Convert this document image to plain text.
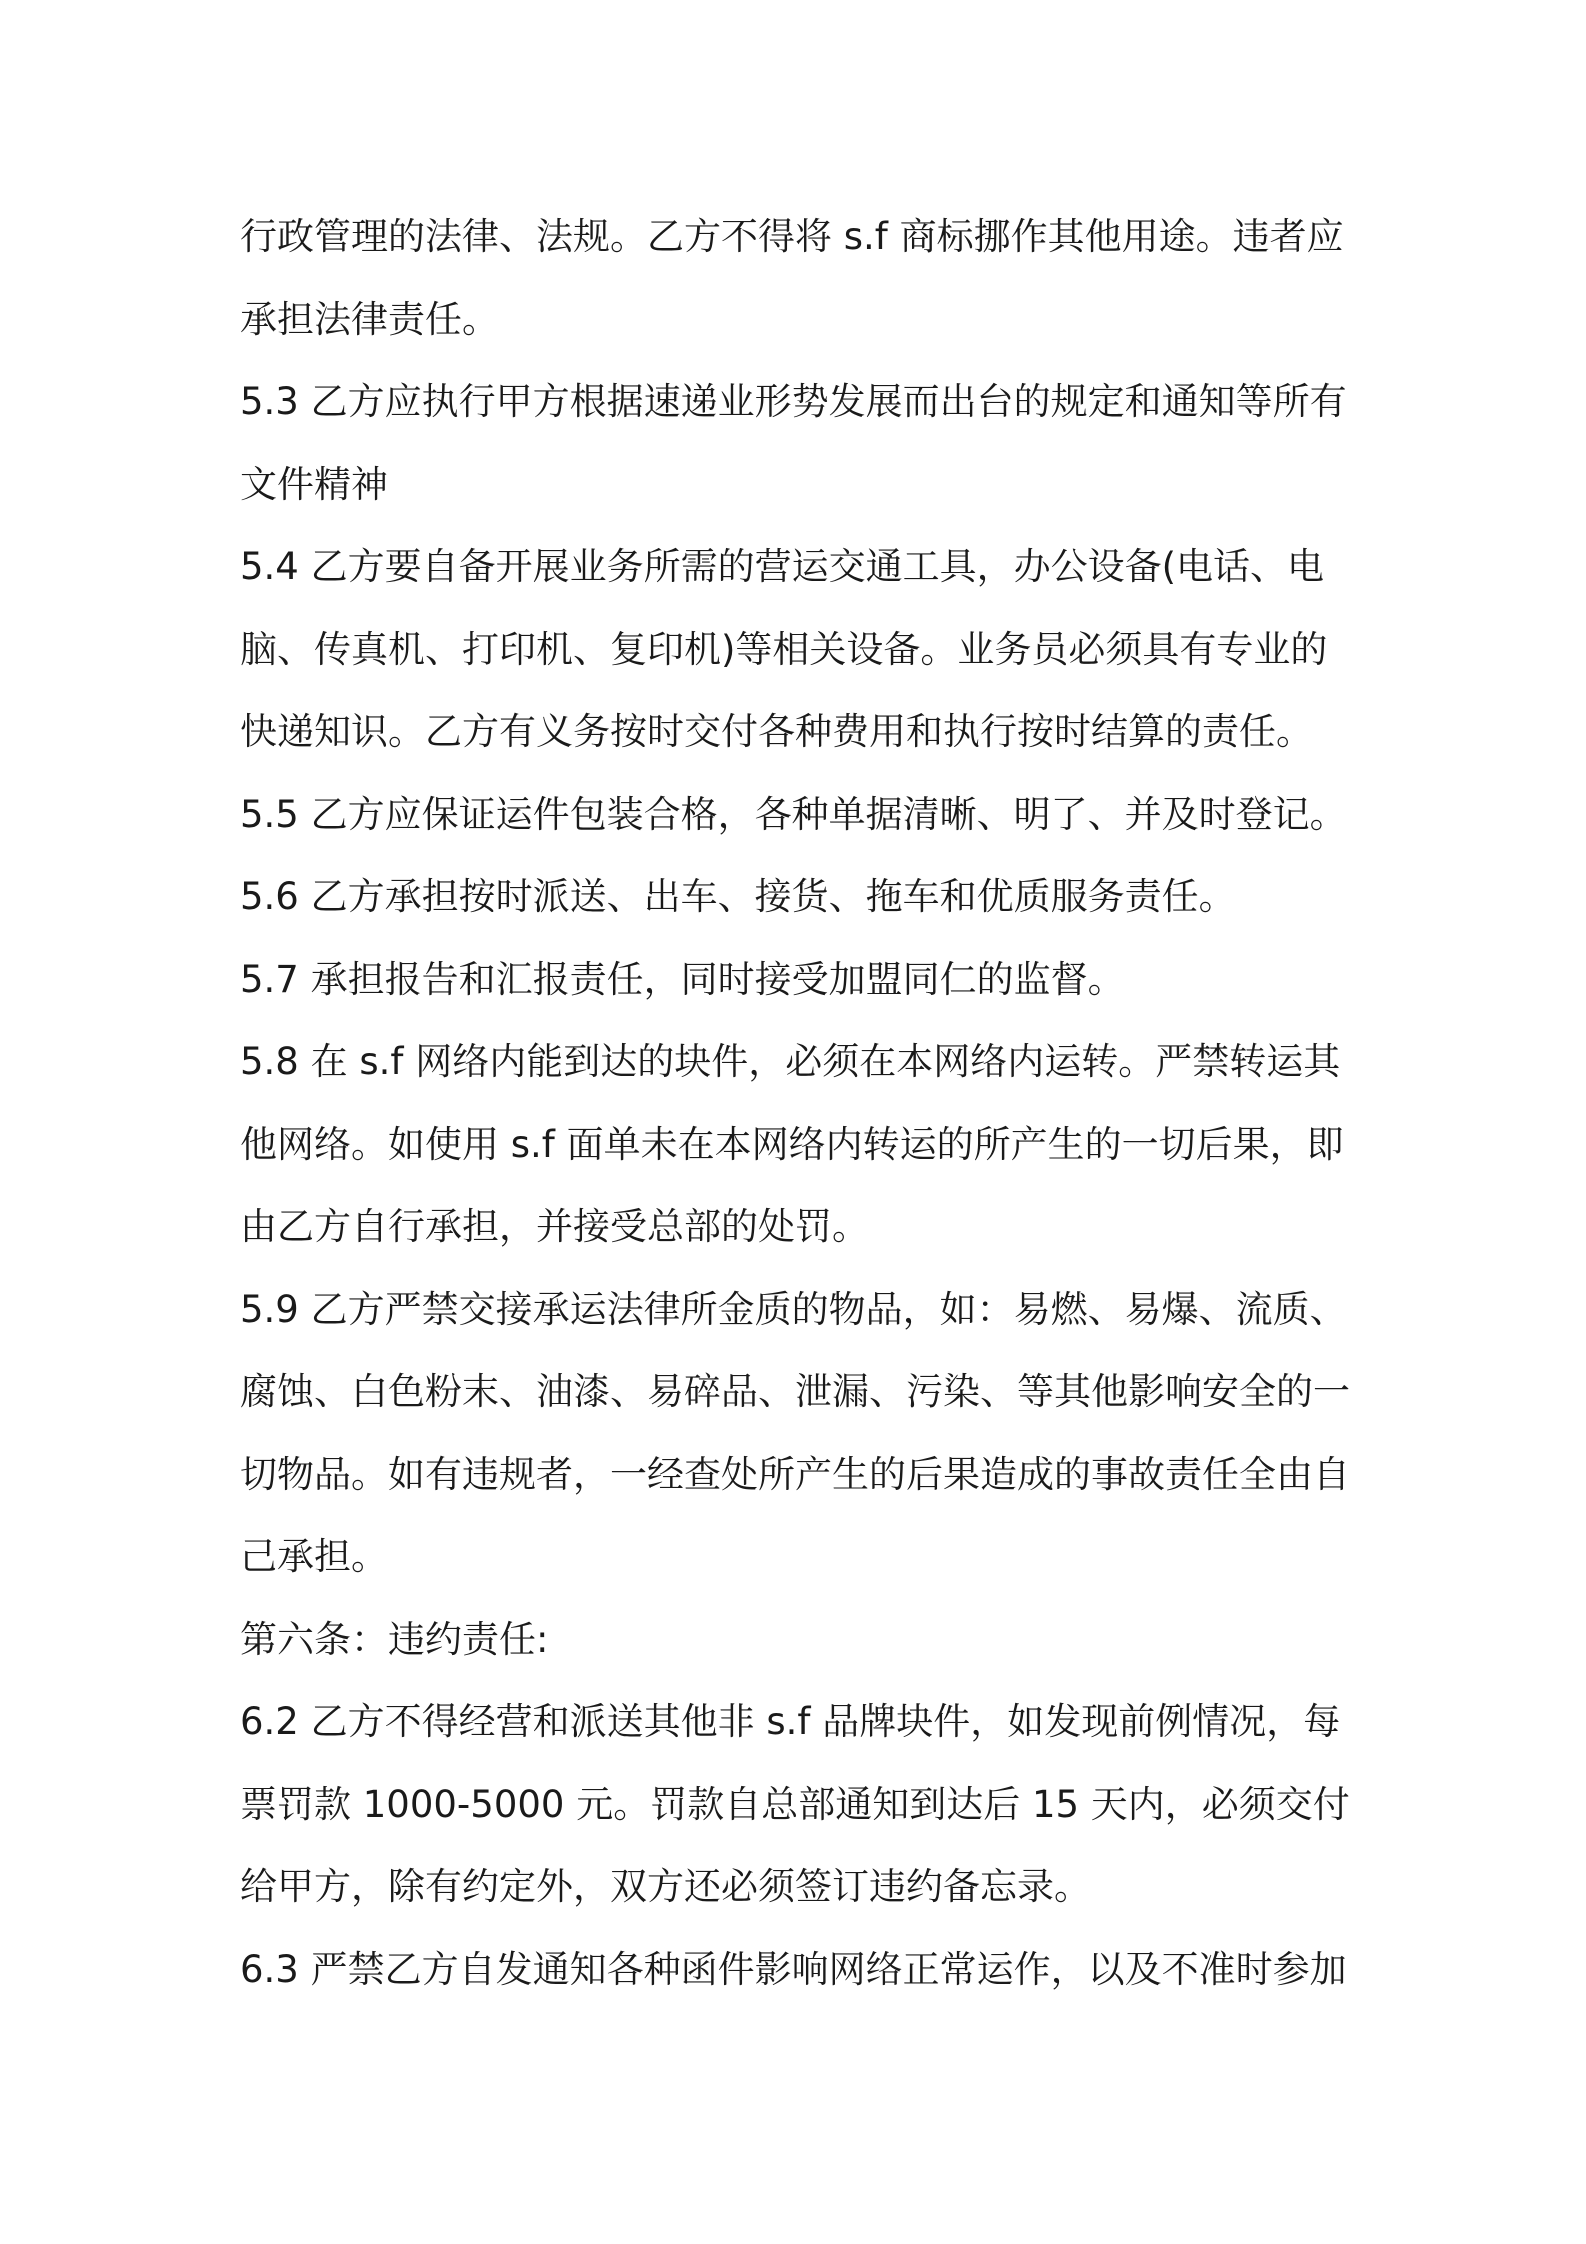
行政管理的法律、法规。乙方不得将 s.f 商标挪作其他用途。违者应承担法律责任。

5.3 乙方应执行甲方根据速递业形势发展而出台的规定和通知等所有文件精神

5.4 乙方要自备开展业务所需的营运交通工具，办公设备(电话、电脑、传真机、打印机、复印机)等相关设备。业务员必须具有专业的快递知识。乙方有义务按时交付各种费用和执行按时结算的责任。

5.5 乙方应保证运件包装合格，各种单据清晰、明了、并及时登记。

5.6 乙方承担按时派送、出车、接货、拖车和优质服务责任。

5.7 承担报告和汇报责任，同时接受加盟同仁的监督。

5.8 在 s.f 网络内能到达的块件，必须在本网络内运转。严禁转运其他网络。如使用 s.f 面单未在本网络内转运的所产生的一切后果，即由乙方自行承担，并接受总部的处罚。

5.9 乙方严禁交接承运法律所金质的物品，如：易燃、易爆、流质、腐蚀、白色粉末、油漆、易碎品、泄漏、污染、等其他影响安全的一切物品。如有违规者，一经查处所产生的后果造成的事故责任全由自己承担。

第六条：违约责任:

6.2 乙方不得经营和派送其他非 s.f 品牌块件，如发现前例情况，每票罚款 1000-5000 元。罚款自总部通知到达后 15 天内，必须交付给甲方，除有约定外，双方还必须签订违约备忘录。

6.3 严禁乙方自发通知各种函件影响网络正常运作，以及不准时参加
